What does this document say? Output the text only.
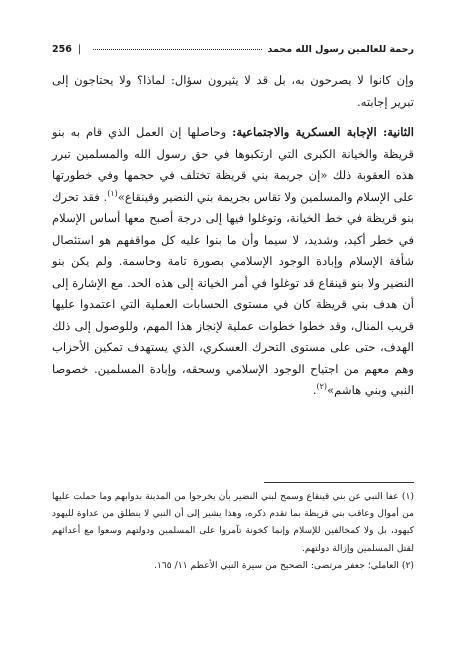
256 |	رحمة للعالمين رسول الله محمد

وإن كانوا لا يصرحون به، بل قد لا يثيرون سؤال: لماذا؟ ولا يحتاجون إلى تبرير إجابته.

الثانية: الإجابة العسكرية والاجتماعية: وحاصلها إن العمل الذي قام به بنو قريظة والخيانة الكبرى التي ارتكبوها في حق رسول الله والمسلمين تبرر هذه العقوبة ذلك «إن جريمة بني قريظة تختلف في حجمها وفي خطورتها على الإسلام والمسلمين ولا تقاس بجريمة بني النضير وقينقاع»$^{(١)}$. فقد تحرك بنو قريظة في خط الخيانة، وتوغلوا فيها إلى درجة أصبح معها أساس الإسلام في خطر أكيد، وشديد، لا سيما وأن ما بنوا عليه كل مواقفهم هو استئصال شأفة الإسلام وإبادة الوجود الإسلامي بصورة تامة وحاسمة. ولم يكن بنو النضير ولا بنو قينقاع قد توغلوا في أمر الخيانة إلى هذه الحد. مع الإشارة إلى أن هدف بني قريظة كان في مستوى الحسابات العملية التي اعتمدوا عليها قريب المنال، وقد خطوا خطوات عملية لإنجاز هذا المهم، وللوصول إلى ذلك الهدف، حتى على مستوى التحرك العسكري، الذي يستهدف تمكين الأحزاب وهم معهم من اجتياح الوجود الإسلامي وسحقه، وإبادة المسلمين. خصوصا النبي وبني هاشم»$^{(٢)}$.

(١) عفا النبي عن بني قينقاع وسمح لبني النضير بأن يخرجوا من المدينة بدوابهم وما حملت عليها من أموال وعاقب بني قريظة بما تقدم ذكره، وهذا يشير إلى أن النبي لا ينطلق من عداوة لليهود كيهود، بل ولا كمخالفين للإسلام وإنما كخونة تآمروا على المسلمين ودولتهم وسعوا مع أعدائهم لقتل المسلمين وإزالة دولتهم.

(٢) العاملي؛ جعفر مرتضى: الصحيح من سيرة النبي الأعظم ١١/ ١٦٥.
